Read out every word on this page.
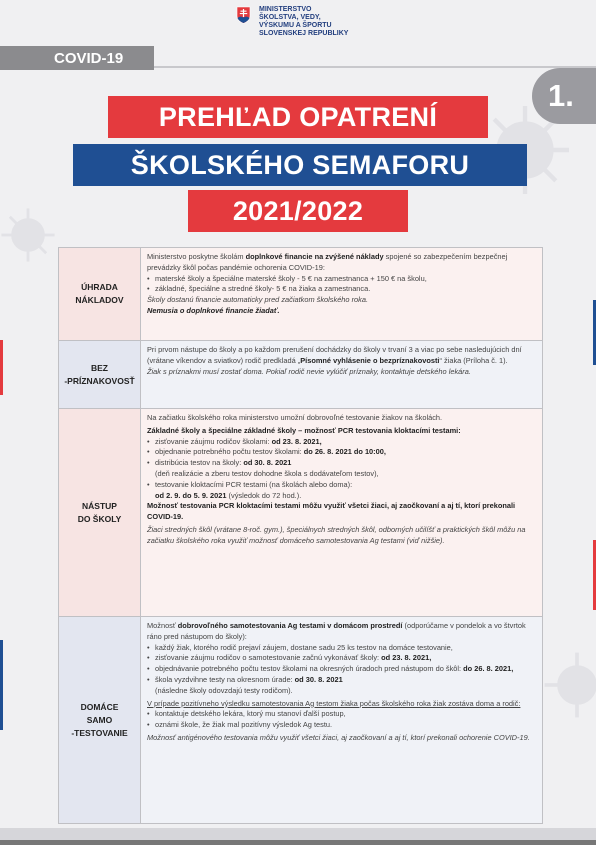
MINISTERSTVO
ŠKOLSTVA, VEDY,
VÝSKUMU A ŠPORTU
SLOVENSKEJ REPUBLIKY
COVID-19
1.
PREHĽAD OPATRENÍ
ŠKOLSKÉHO SEMAFORU
2021/2022
ÚHRADA
NÁKLADOV

Ministerstvo poskytne školám doplnkové financie na zvýšené náklady spojené so zabezpečením bezpečnej prevádzky škôl počas pandémie ochorenia COVID-19:

• materské školy a špeciálne materské školy - 5 € na zamestnanca + 150 € na školu,
• základné, špeciálne a stredné školy- 5 € na žiaka a zamestnanca.

Školy dostanú financie automaticky pred začiatkom školského roka.

Nemusia o doplnkové financie žiadať.

BEZ
-PRÍZNAKOVOSŤ

Pri prvom nástupe do školy a po každom prerušení dochádzky do školy v trvaní 3 a viac po sebe nasledujúcich dní (vrátane víkendov a sviatkov) rodič predkladá „Písomné vyhlásenie o bezpríznakovosti“ žiaka (Príloha č. 1).

Žiak s príznakmi musí zostať doma. Pokiaľ rodič nevie vylúčiť príznaky, kontaktuje detského lekára.

NÁSTUP
DO ŠKOLY

Na začiatku školského roka ministerstvo umožní dobrovoľné testovanie žiakov na školách.

Základné školy a špeciálne základné školy – možnosť PCR testovania kloktacími testami:

• zisťovanie záujmu rodičov školami: od 23. 8. 2021,
• objednanie potrebného počtu testov školami: do 26. 8. 2021 do 10:00,
• distribúcia testov na školy: od 30. 8. 2021
(deň realizácie a zberu testov dohodne škola s dodávateľom testov),
• testovanie kloktacími PCR testami (na školách alebo doma):
od 2. 9. do 5. 9. 2021 (výsledok do 72 hod.).

Možnosť testovania PCR kloktacími testami môžu využiť všetci žiaci, aj zaočkovaní a aj tí, ktorí prekonali COVID-19.

Žiaci stredných škôl (vrátane 8-roč. gym.), špeciálnych stredných škôl, odborných učilíšť a praktických škôl môžu na začiatku školského roka využiť možnosť domáceho samotestovania Ag testami (viď nižšie).

DOMÁCE
SAMO
-TESTOVANIE

Možnosť dobrovoľného samotestovania Ag testami v domácom prostredí (odporúčame v pondelok a vo štvrtok ráno pred nástupom do školy):

• každý žiak, ktorého rodič prejaví záujem, dostane sadu 25 ks testov na domáce testovanie,
• zisťovanie záujmu rodičov o samotestovanie začnú vykonávať školy: od 23. 8. 2021,
• objednávanie potrebného počtu testov školami na okresných úradoch pred nástupom do škôl: do 26. 8. 2021,
• škola vyzdvihne testy na okresnom úrade: od 30. 8. 2021
(následne školy odovzdajú testy rodičom).

V prípade pozitívneho výsledku samotestovania Ag testom žiaka počas školského roka žiak zostáva doma a rodič:

• kontaktuje detského lekára, ktorý mu stanoví ďalší postup,
• oznámi škole, že žiak mal pozitívny výsledok Ag testu.

Možnosť antigénového testovania môžu využiť všetci žiaci, aj zaočkovaní a aj tí, ktorí prekonali ochorenie COVID-19.
